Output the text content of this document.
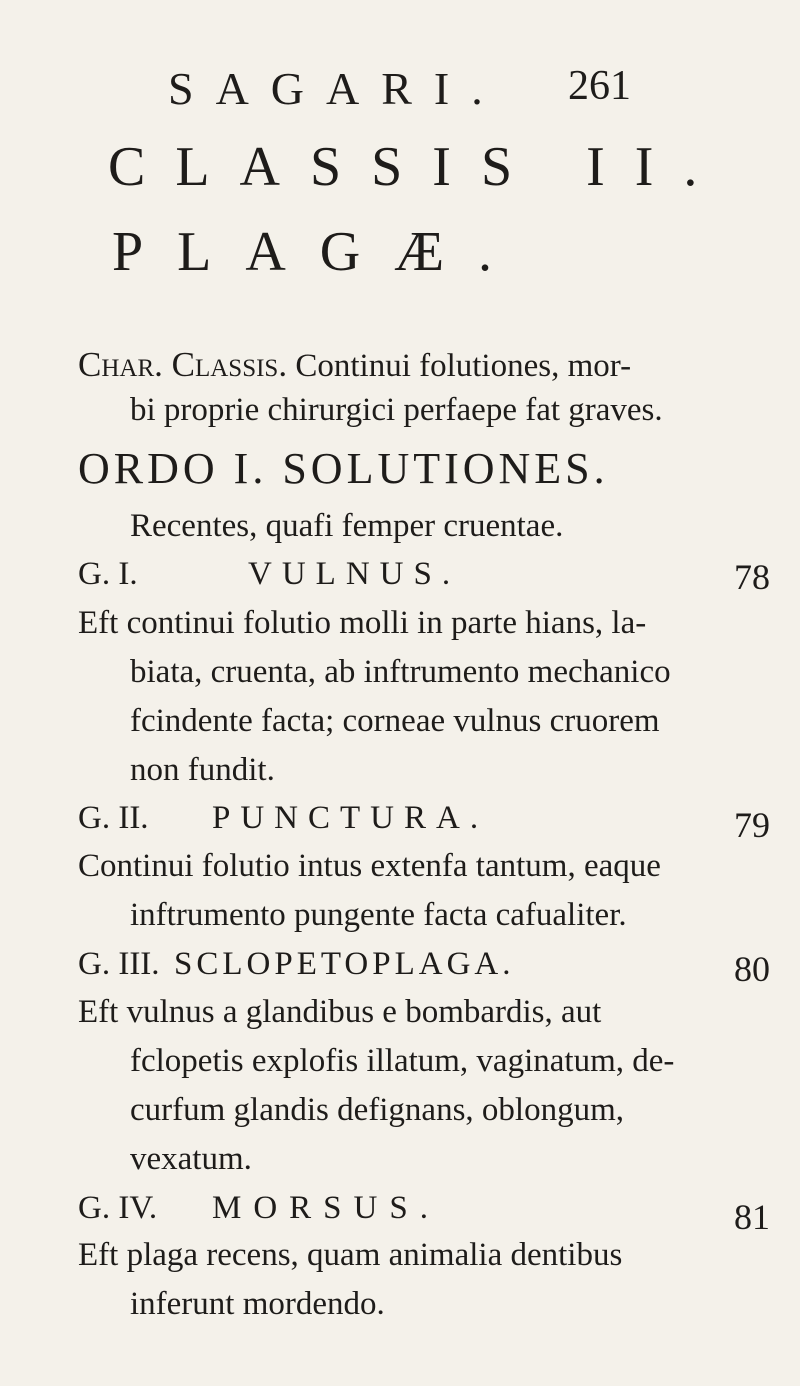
SAGARI. 261
CLASSIS II.
PLAGÆ.
Char. Classis. Continui folutiones, mor-
bi proprie chirurgici perfaepe fat graves.
ORDO I. SOLUTIONES.
Recentes, quafi femper cruentae.
G. I.	VULNUS.	78
Eft continui folutio molli in parte hians, la-
biata, cruenta, ab inftrumento mechanico
fcindente facta; corneae vulnus cruorem
non fundit.
G. II. PUNCTURA.	79
Continui folutio intus extenfa tantum, eaque
inftrumento pungente facta cafualiter.
G. III. SCLOPETOPLAGA.	80
Eft vulnus a glandibus e bombardis, aut
fclopetis explofis illatum, vaginatum, de-
curfum glandis defignans, oblongum,
vexatum.
G. IV. MORSUS.	81
Eft plaga recens, quam animalia dentibus
inferunt mordendo.
